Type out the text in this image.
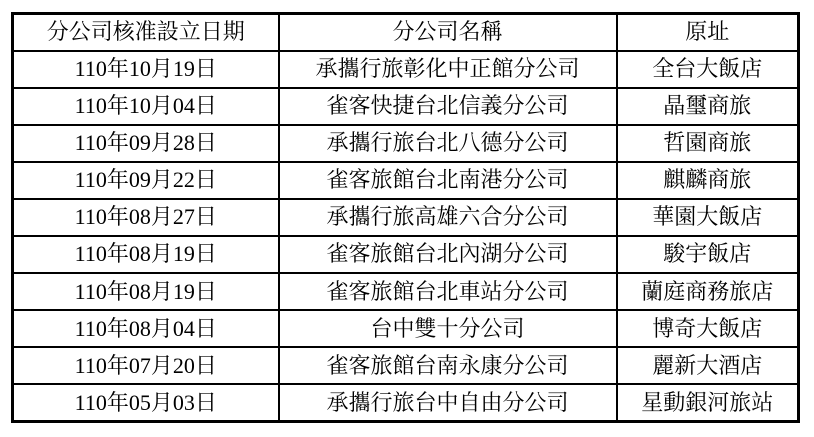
分公司核准設立日期	分公司名稱	原址
110年10月19日	承攜行旅彰化中正館分公司	全台大飯店
110年10月04日	雀客快捷台北信義分公司	晶璽商旅
110年09月28日	承攜行旅台北八德分公司	哲園商旅
110年09月22日	雀客旅館台北南港分公司	麒麟商旅
110年08月27日	承攜行旅高雄六合分公司	華園大飯店
110年08月19日	雀客旅館台北內湖分公司	駿宇飯店
110年08月19日	雀客旅館台北車站分公司	蘭庭商務旅店
110年08月04日	台中雙十分公司	博奇大飯店
110年07月20日	雀客旅館台南永康分公司	麗新大酒店
110年05月03日	承攜行旅台中自由分公司	星動銀河旅站
